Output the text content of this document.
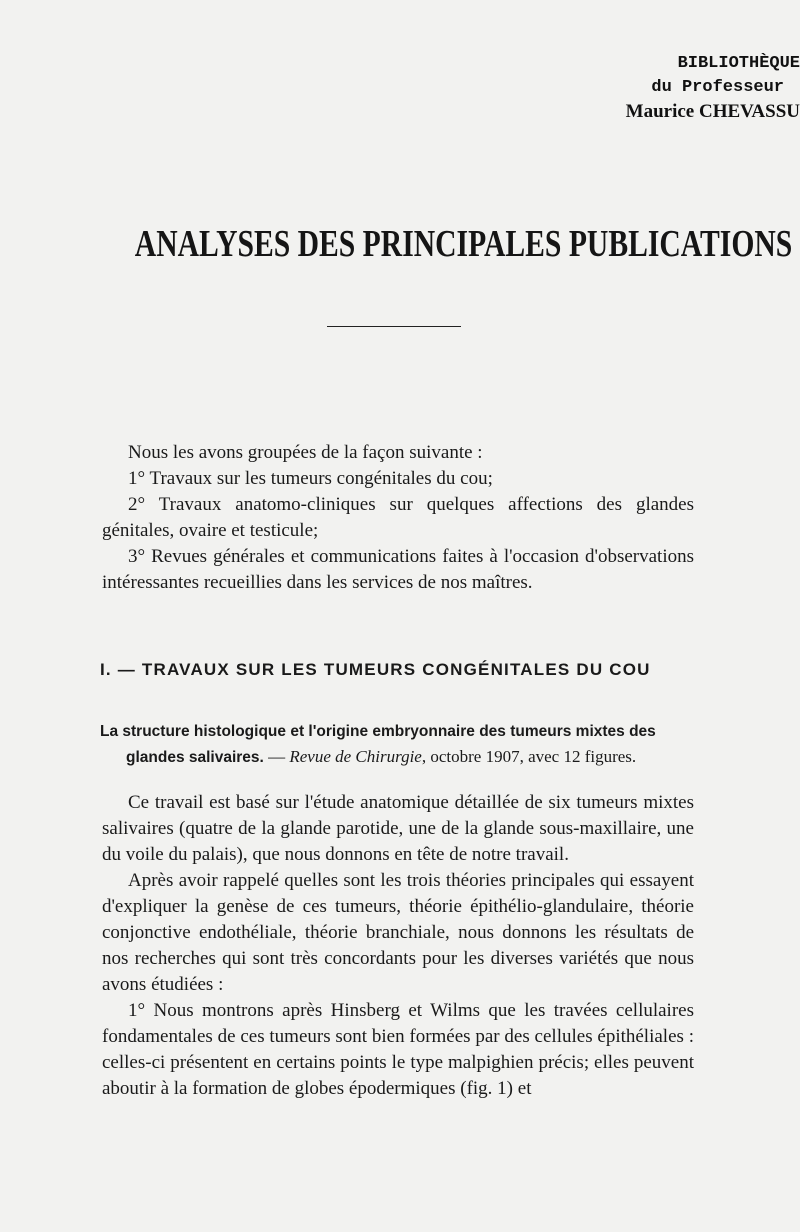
BIBLIOTHÈQUE
du Professeur
Maurice CHEVASSU
ANALYSES DES PRINCIPALES PUBLICATIONS

Nous les avons groupées de la façon suivante :

1° Travaux sur les tumeurs congénitales du cou;

2° Travaux anatomo-cliniques sur quelques affections des glandes génitales, ovaire et testicule;

3° Revues générales et communications faites à l'occasion d'observations intéressantes recueillies dans les services de nos maîtres.

I. — TRAVAUX SUR LES TUMEURS CONGÉNITALES DU COU

La structure histologique et l'origine embryonnaire des tumeurs mixtes des
glandes salivaires. — Revue de Chirurgie, octobre 1907, avec 12 figures.

Ce travail est basé sur l'étude anatomique détaillée de six tumeurs mixtes salivaires (quatre de la glande parotide, une de la glande sous-maxillaire, une du voile du palais), que nous donnons en tête de notre travail.

Après avoir rappelé quelles sont les trois théories principales qui essayent d'expliquer la genèse de ces tumeurs, théorie épithélio-glandulaire, théorie conjonctive endothéliale, théorie branchiale, nous donnons les résultats de nos recherches qui sont très concordants pour les diverses variétés que nous avons étudiées :

1° Nous montrons après Hinsberg et Wilms que les travées cellulaires fondamentales de ces tumeurs sont bien formées par des cellules épithéliales : celles-ci présentent en certains points le type malpighien précis; elles peuvent aboutir à la formation de globes épodermiques (fig. 1) et
